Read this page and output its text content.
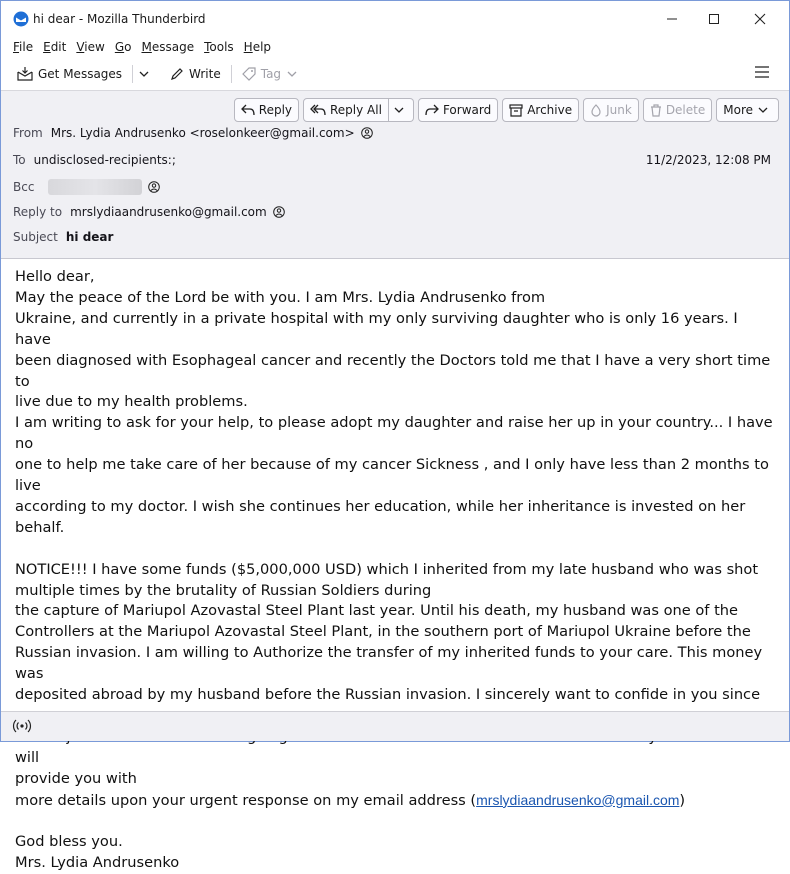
hi dear - Mozilla Thunderbird
File Edit View Go Message Tools Help
Get Messages	Write	Tag
Reply	Reply All	Forward	Archive	Junk	Delete More
From Mrs. Lydia Andrusenko <roselonkeer@gmail.com>
To undisclosed-recipients:;	11/2/2023, 12:08 PM
Bcc
Reply to mrslydiaandrusenko@gmail.com
Subject hi dear

Hello dear,

May the peace of the Lord be with you. I am Mrs. Lydia Andrusenko from

Ukraine, and currently in a private hospital with my only surviving daughter who is only 16 years. I have

been diagnosed with Esophageal cancer and recently the Doctors told me that I have a very short time to

live due to my health problems.

I am writing to ask for your help, to please adopt my daughter and raise her up in your country... I have no

one to help me take care of her because of my cancer Sickness , and I only have less than 2 months to live

according to my doctor. I wish she continues her education, while her inheritance is invested on her behalf.

NOTICE!!! I have some funds ($5,000,000 USD) which I inherited from my late husband who was shot

multiple times by the brutality of Russian Soldiers during

the capture of Mariupol Azovastal Steel Plant last year. Until his death, my husband was one of the

Controllers at the Mariupol Azovastal Steel Plant, in the southern port of Mariupol Ukraine before the

Russian invasion. I am willing to Authorize the transfer of my inherited funds to your care. This money was

deposited abroad by my husband before the Russian invasion. I sincerely want to confide in you since

will

provide you with

more details upon your urgent response on my email address (mrslydiaandrusenko@gmail.com)

God bless you.

Mrs. Lydia Andrusenko
